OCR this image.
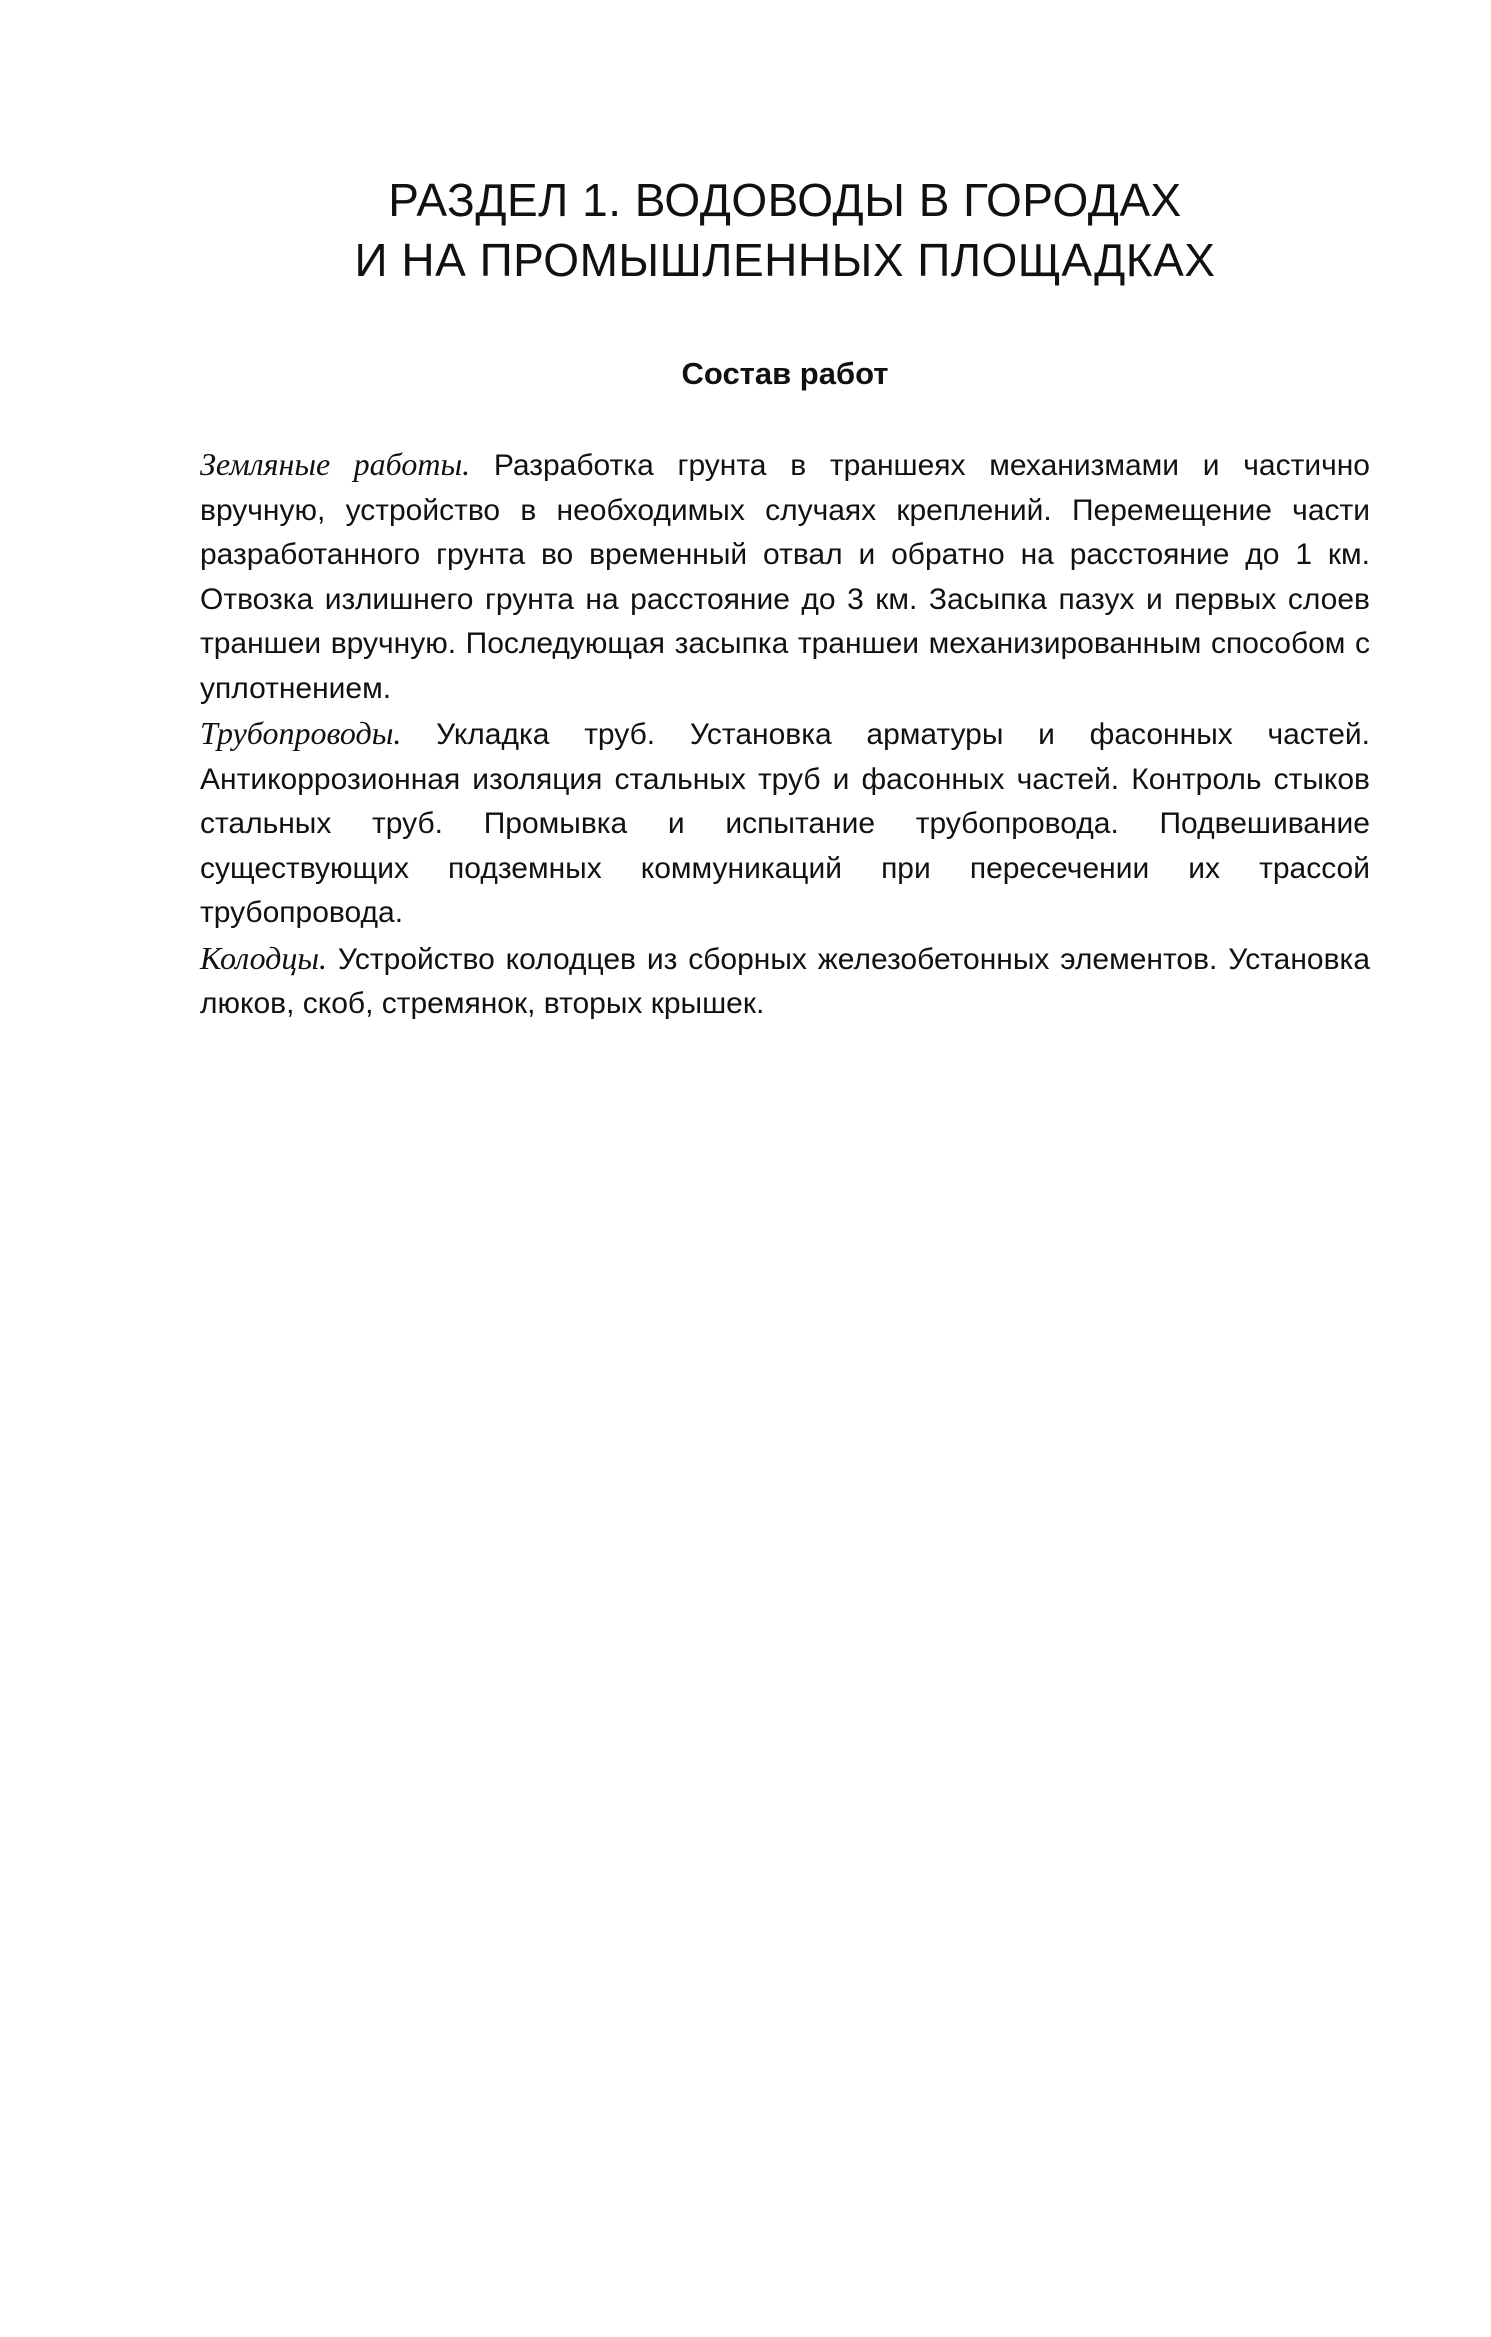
РАЗДЕЛ 1. ВОДОВОДЫ В ГОРОДАХ
И НА ПРОМЫШЛЕННЫХ ПЛОЩАДКАХ
Состав работ

Земляные работы. Разработка грунта в траншеях механизмами и частично вручную, устройство в необходимых случаях креплений. Перемещение части разработанного грунта во временный отвал и обратно на расстояние до 1 км. Отвозка излишнего грунта на расстояние до 3 км. Засыпка пазух и первых слоев траншеи вручную. Последующая засыпка траншеи механизированным способом с уплотнением.

Трубопроводы. Укладка труб. Установка арматуры и фасонных частей. Антикоррозионная изоляция стальных труб и фасонных частей. Контроль стыков стальных труб. Промывка и испытание трубопровода. Подвешивание существующих подземных коммуникаций при пересечении их трассой трубопровода.

Колодцы. Устройство колодцев из сборных железобетонных элементов. Установка люков, скоб, стремянок, вторых крышек.
